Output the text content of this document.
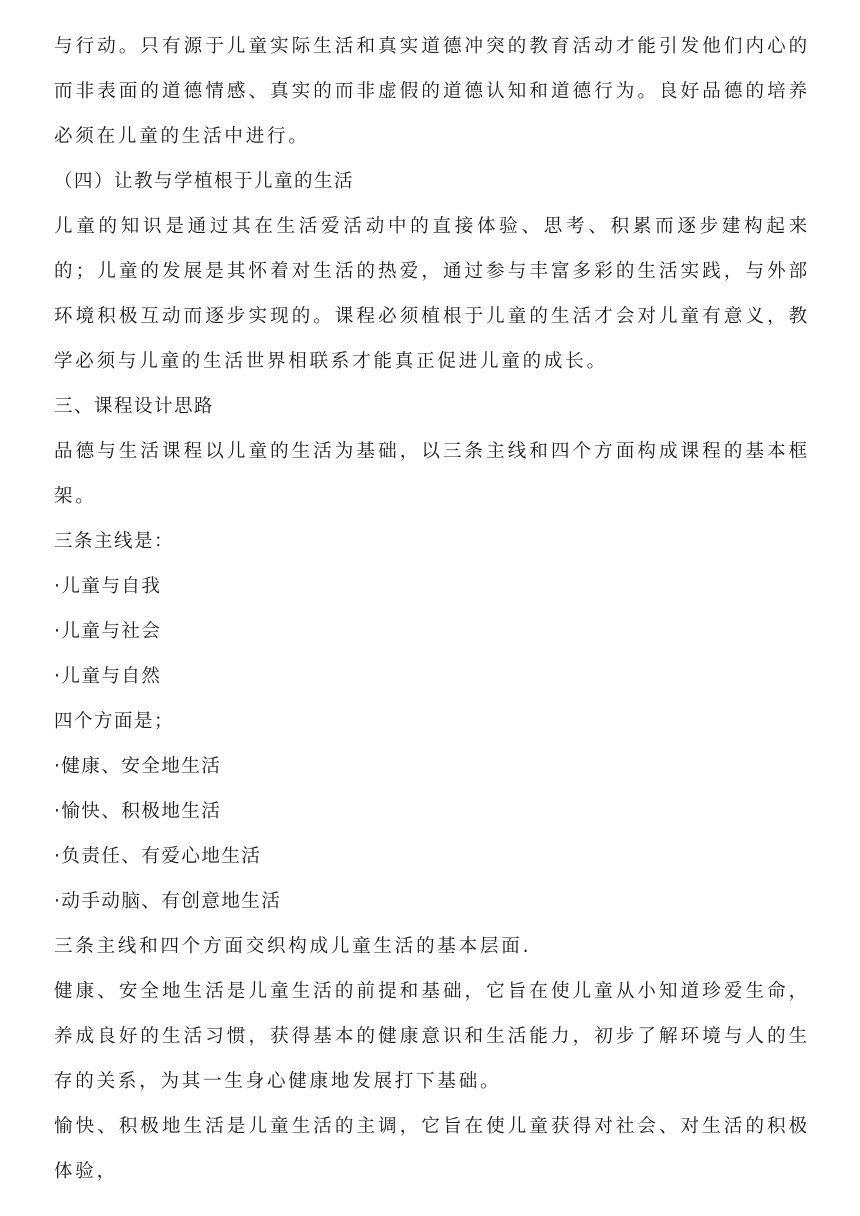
与行动。只有源于儿童实际生活和真实道德冲突的教育活动才能引发他们内心的而非表面的道德情感、真实的而非虚假的道德认知和道德行为。良好品德的培养必须在儿童的生活中进行。

（四）让教与学植根于儿童的生活

儿童的知识是通过其在生活爱活动中的直接体验、思考、积累而逐步建构起来的；儿童的发展是其怀着对生活的热爱，通过参与丰富多彩的生活实践，与外部环境积极互动而逐步实现的。课程必须植根于儿童的生活才会对儿童有意义，教学必须与儿童的生活世界相联系才能真正促进儿童的成长。

三、课程设计思路

品德与生活课程以儿童的生活为基础，以三条主线和四个方面构成课程的基本框架。

三条主线是：

·儿童与自我

·儿童与社会

·儿童与自然

四个方面是；

·健康、安全地生活

·愉快、积极地生活

·负责任、有爱心地生活

·动手动脑、有创意地生活

三条主线和四个方面交织构成儿童生活的基本层面.

健康、安全地生活是儿童生活的前提和基础，它旨在使儿童从小知道珍爱生命，养成良好的生活习惯，获得基本的健康意识和生活能力，初步了解环境与人的生存的关系，为其一生身心健康地发展打下基础。

愉快、积极地生活是儿童生活的主调，它旨在使儿童获得对社会、对生活的积极体验，
